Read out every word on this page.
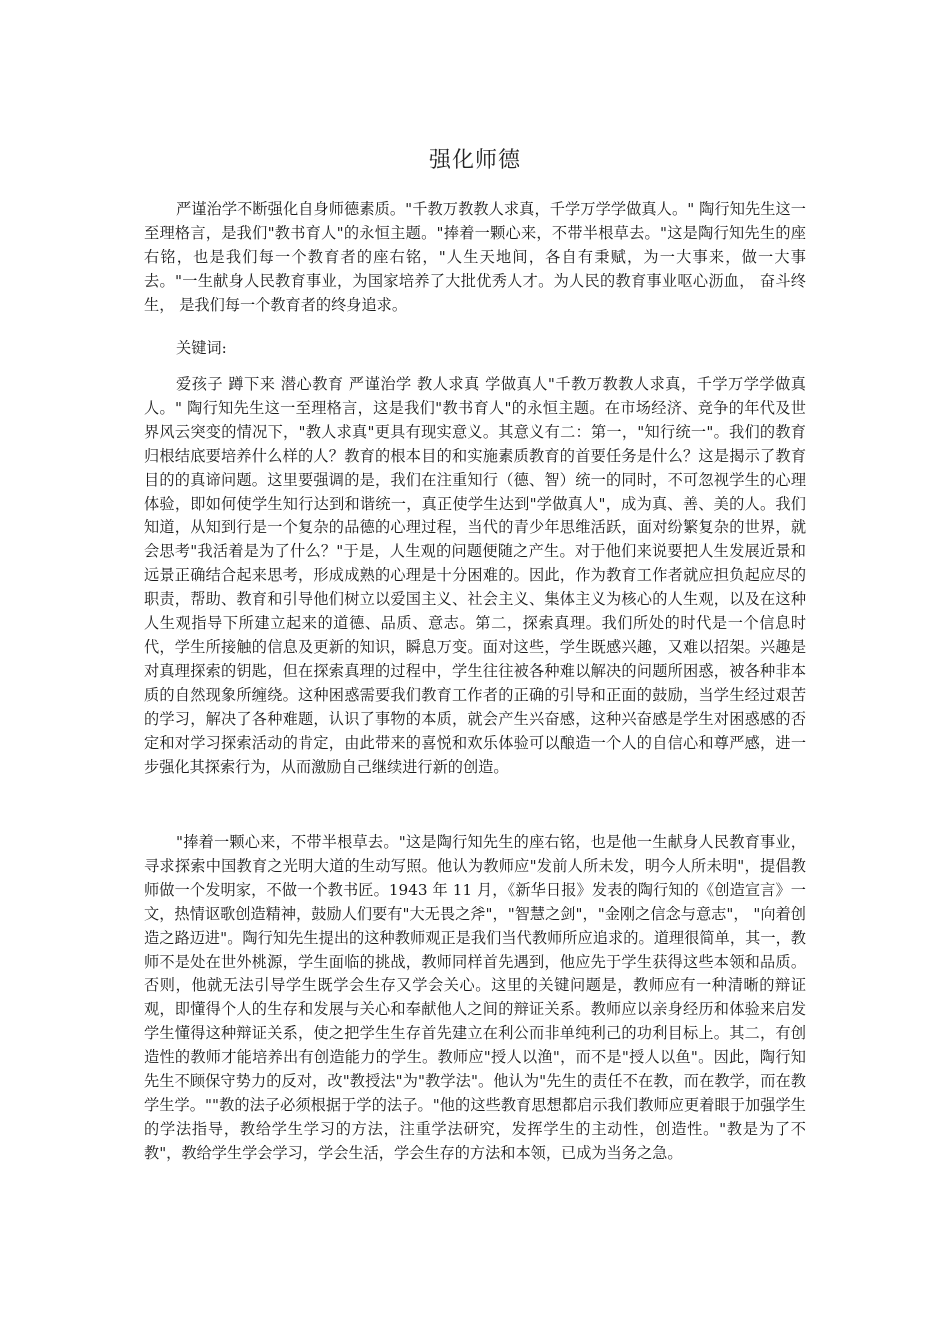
强化师德

严谨治学不断强化自身师德素质。"千教万教教人求真，千学万学学做真人。" 陶行知先生这一至理格言，是我们"教书育人"的永恒主题。"捧着一颗心来，不带半根草去。"这是陶行知先生的座右铭，也是我们每一个教育者的座右铭，"人生天地间，各自有秉赋，为一大事来，做一大事去。"一生献身人民教育事业，为国家培养了大批优秀人才。为人民的教育事业呕心沥血， 奋斗终生， 是我们每一个教育者的终身追求。

关键词:

爱孩子 蹲下来 潜心教育 严谨治学 教人求真 学做真人"千教万教教人求真，千学万学学做真人。" 陶行知先生这一至理格言，这是我们"教书育人"的永恒主题。在市场经济、竞争的年代及世界风云突变的情况下，"教人求真"更具有现实意义。其意义有二：第一，"知行统一"。我们的教育归根结底要培养什么样的人？教育的根本目的和实施素质教育的首要任务是什么？这是揭示了教育目的的真谛问题。这里要强调的是，我们在注重知行（德、智）统一的同时，不可忽视学生的心理体验，即如何使学生知行达到和谐统一，真正使学生达到"学做真人"，成为真、善、美的人。我们知道，从知到行是一个复杂的品德的心理过程，当代的青少年思维活跃，面对纷繁复杂的世界，就会思考"我活着是为了什么？"于是，人生观的问题便随之产生。对于他们来说要把人生发展近景和远景正确结合起来思考，形成成熟的心理是十分困难的。因此，作为教育工作者就应担负起应尽的职责，帮助、教育和引导他们树立以爱国主义、社会主义、集体主义为核心的人生观，以及在这种人生观指导下所建立起来的道德、品质、意志。第二，探索真理。我们所处的时代是一个信息时代，学生所接触的信息及更新的知识，瞬息万变。面对这些，学生既感兴趣，又难以招架。兴趣是对真理探索的钥匙，但在探索真理的过程中，学生往往被各种难以解决的问题所困惑，被各种非本质的自然现象所缠绕。这种困惑需要我们教育工作者的正确的引导和正面的鼓励，当学生经过艰苦的学习，解决了各种难题，认识了事物的本质，就会产生兴奋感，这种兴奋感是学生对困惑感的否定和对学习探索活动的肯定，由此带来的喜悦和欢乐体验可以酿造一个人的自信心和尊严感，进一步强化其探索行为，从而激励自己继续进行新的创造。

"捧着一颗心来，不带半根草去。"这是陶行知先生的座右铭，也是他一生献身人民教育事业，寻求探索中国教育之光明大道的生动写照。他认为教师应"发前人所未发，明今人所未明"，提倡教师做一个发明家，不做一个教书匠。1943 年 11 月，《新华日报》发表的陶行知的《创造宣言》一文，热情讴歌创造精神，鼓励人们要有"大无畏之斧"，"智慧之剑"，"金刚之信念与意志"， "向着创造之路迈进"。陶行知先生提出的这种教师观正是我们当代教师所应追求的。道理很简单，其一，教师不是处在世外桃源，学生面临的挑战，教师同样首先遇到，他应先于学生获得这些本领和品质。否则，他就无法引导学生既学会生存又学会关心。这里的关键问题是，教师应有一种清晰的辩证观，即懂得个人的生存和发展与关心和奉献他人之间的辩证关系。教师应以亲身经历和体验来启发学生懂得这种辩证关系，使之把学生生存首先建立在利公而非单纯利己的功利目标上。其二，有创造性的教师才能培养出有创造能力的学生。教师应"授人以渔"，而不是"授人以鱼"。因此，陶行知先生不顾保守势力的反对，改"教授法"为"教学法"。他认为"先生的责任不在教，而在教学，而在教学生学。""教的法子必须根据于学的法子。"他的这些教育思想都启示我们教师应更着眼于加强学生的学法指导，教给学生学习的方法，注重学法研究，发挥学生的主动性，创造性。"教是为了不教"，教给学生学会学习，学会生活，学会生存的方法和本领，已成为当务之急。
